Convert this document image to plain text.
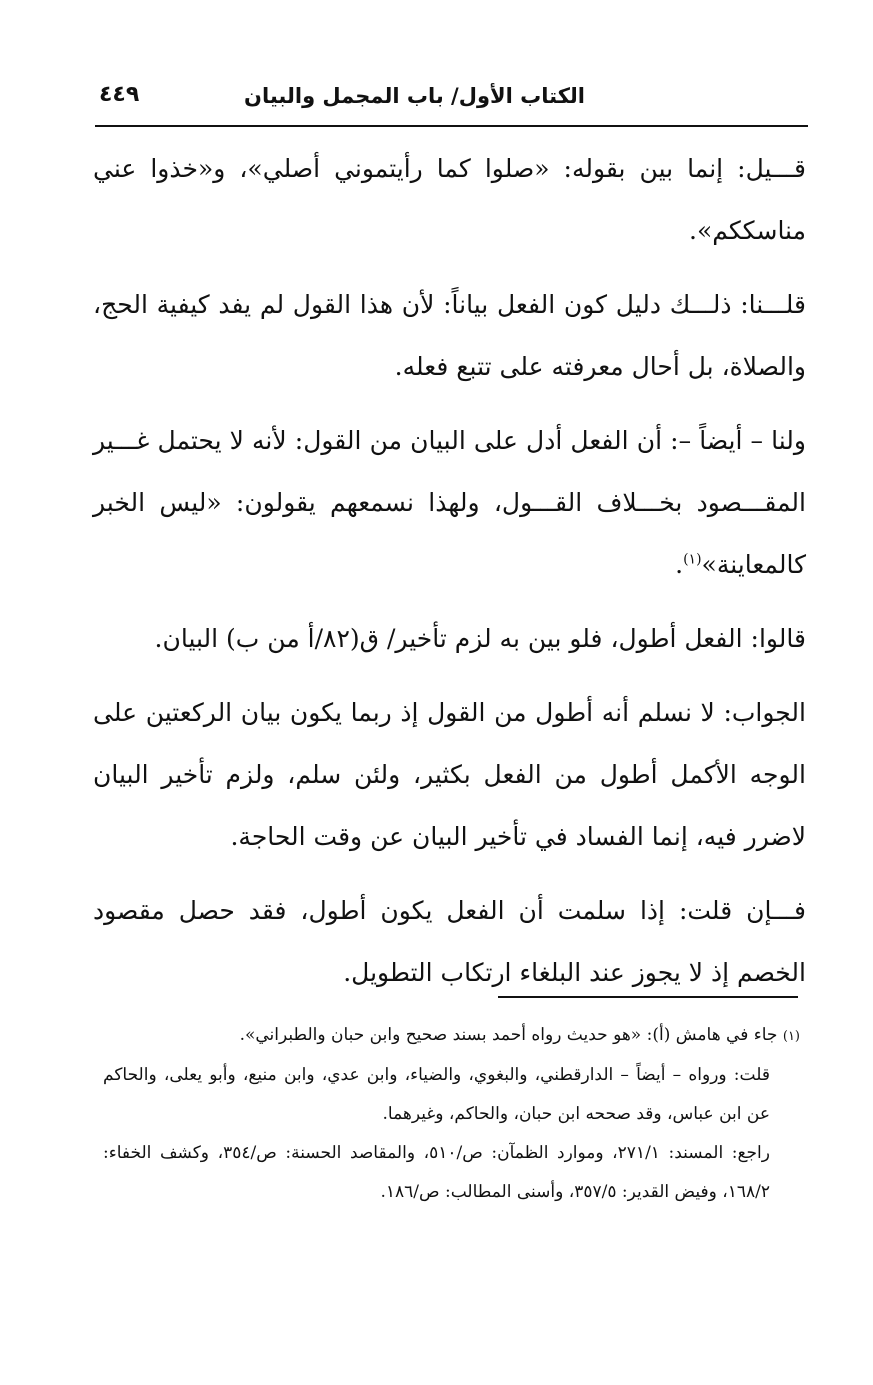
الكتاب الأول/ باب المجمل والبيان
٤٤٩

قـــيل: إنما بين بقوله: «صلوا كما رأيتموني أصلي»، و«خذوا عني مناسككم».

قلـــنا: ذلـــك دليل كون الفعل بياناً: لأن هذا القول لم يفد كيفية الحج، والصلاة، بل أحال معرفته على تتبع فعله.

ولنا – أيضاً –: أن الفعل أدل على البيان من القول: لأنه لا يحتمل غـــير المقـــصود بخـــلاف القـــول، ولهذا نسمعهم يقولون: «ليس الخبر كالمعاينة»$^{(١)}$.

قالوا: الفعل أطول، فلو بين به لزم تأخير/ ق(٨٢/أ من ب) البيان.

الجواب: لا نسلم أنه أطول من القول إذ ربما يكون بيان الركعتين على الوجه الأكمل أطول من الفعل بكثير، ولئن سلم، ولزم تأخير البيان لاضرر فيه، إنما الفساد في تأخير البيان عن وقت الحاجة.

فـــإن قلت: إذا سلمت أن الفعل يكون أطول، فقد حصل مقصود الخصم إذ لا يجوز عند البلغاء ارتكاب التطويل.

(١) جاء في هامش (أ): «هو حديث رواه أحمد بسند صحيح وابن حبان والطبراني».

قلت: ورواه – أيضاً – الدارقطني، والبغوي، والضياء، وابن عدي، وابن منيع، وأبو يعلى، والحاكم عن ابن عباس، وقد صححه ابن حبان، والحاكم، وغيرهما.

راجع: المسند: ٢٧١/١، وموارد الظمآن: ص/٥١٠، والمقاصد الحسنة: ص/٣٥٤، وكشف الخفاء: ١٦٨/٢، وفيض القدير: ٣٥٧/٥، وأسنى المطالب: ص/١٨٦.
